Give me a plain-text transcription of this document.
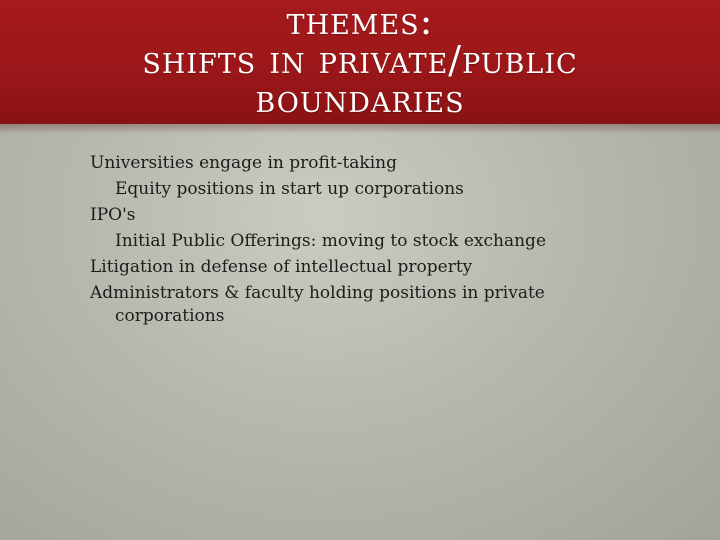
themes:
shifts in private/public
boundaries
Universities engage in profit-taking
Equity positions in start up corporations
IPO's
Initial Public Offerings: moving to stock exchange
Litigation in defense of intellectual property
Administrators & faculty holding positions in private corporations
